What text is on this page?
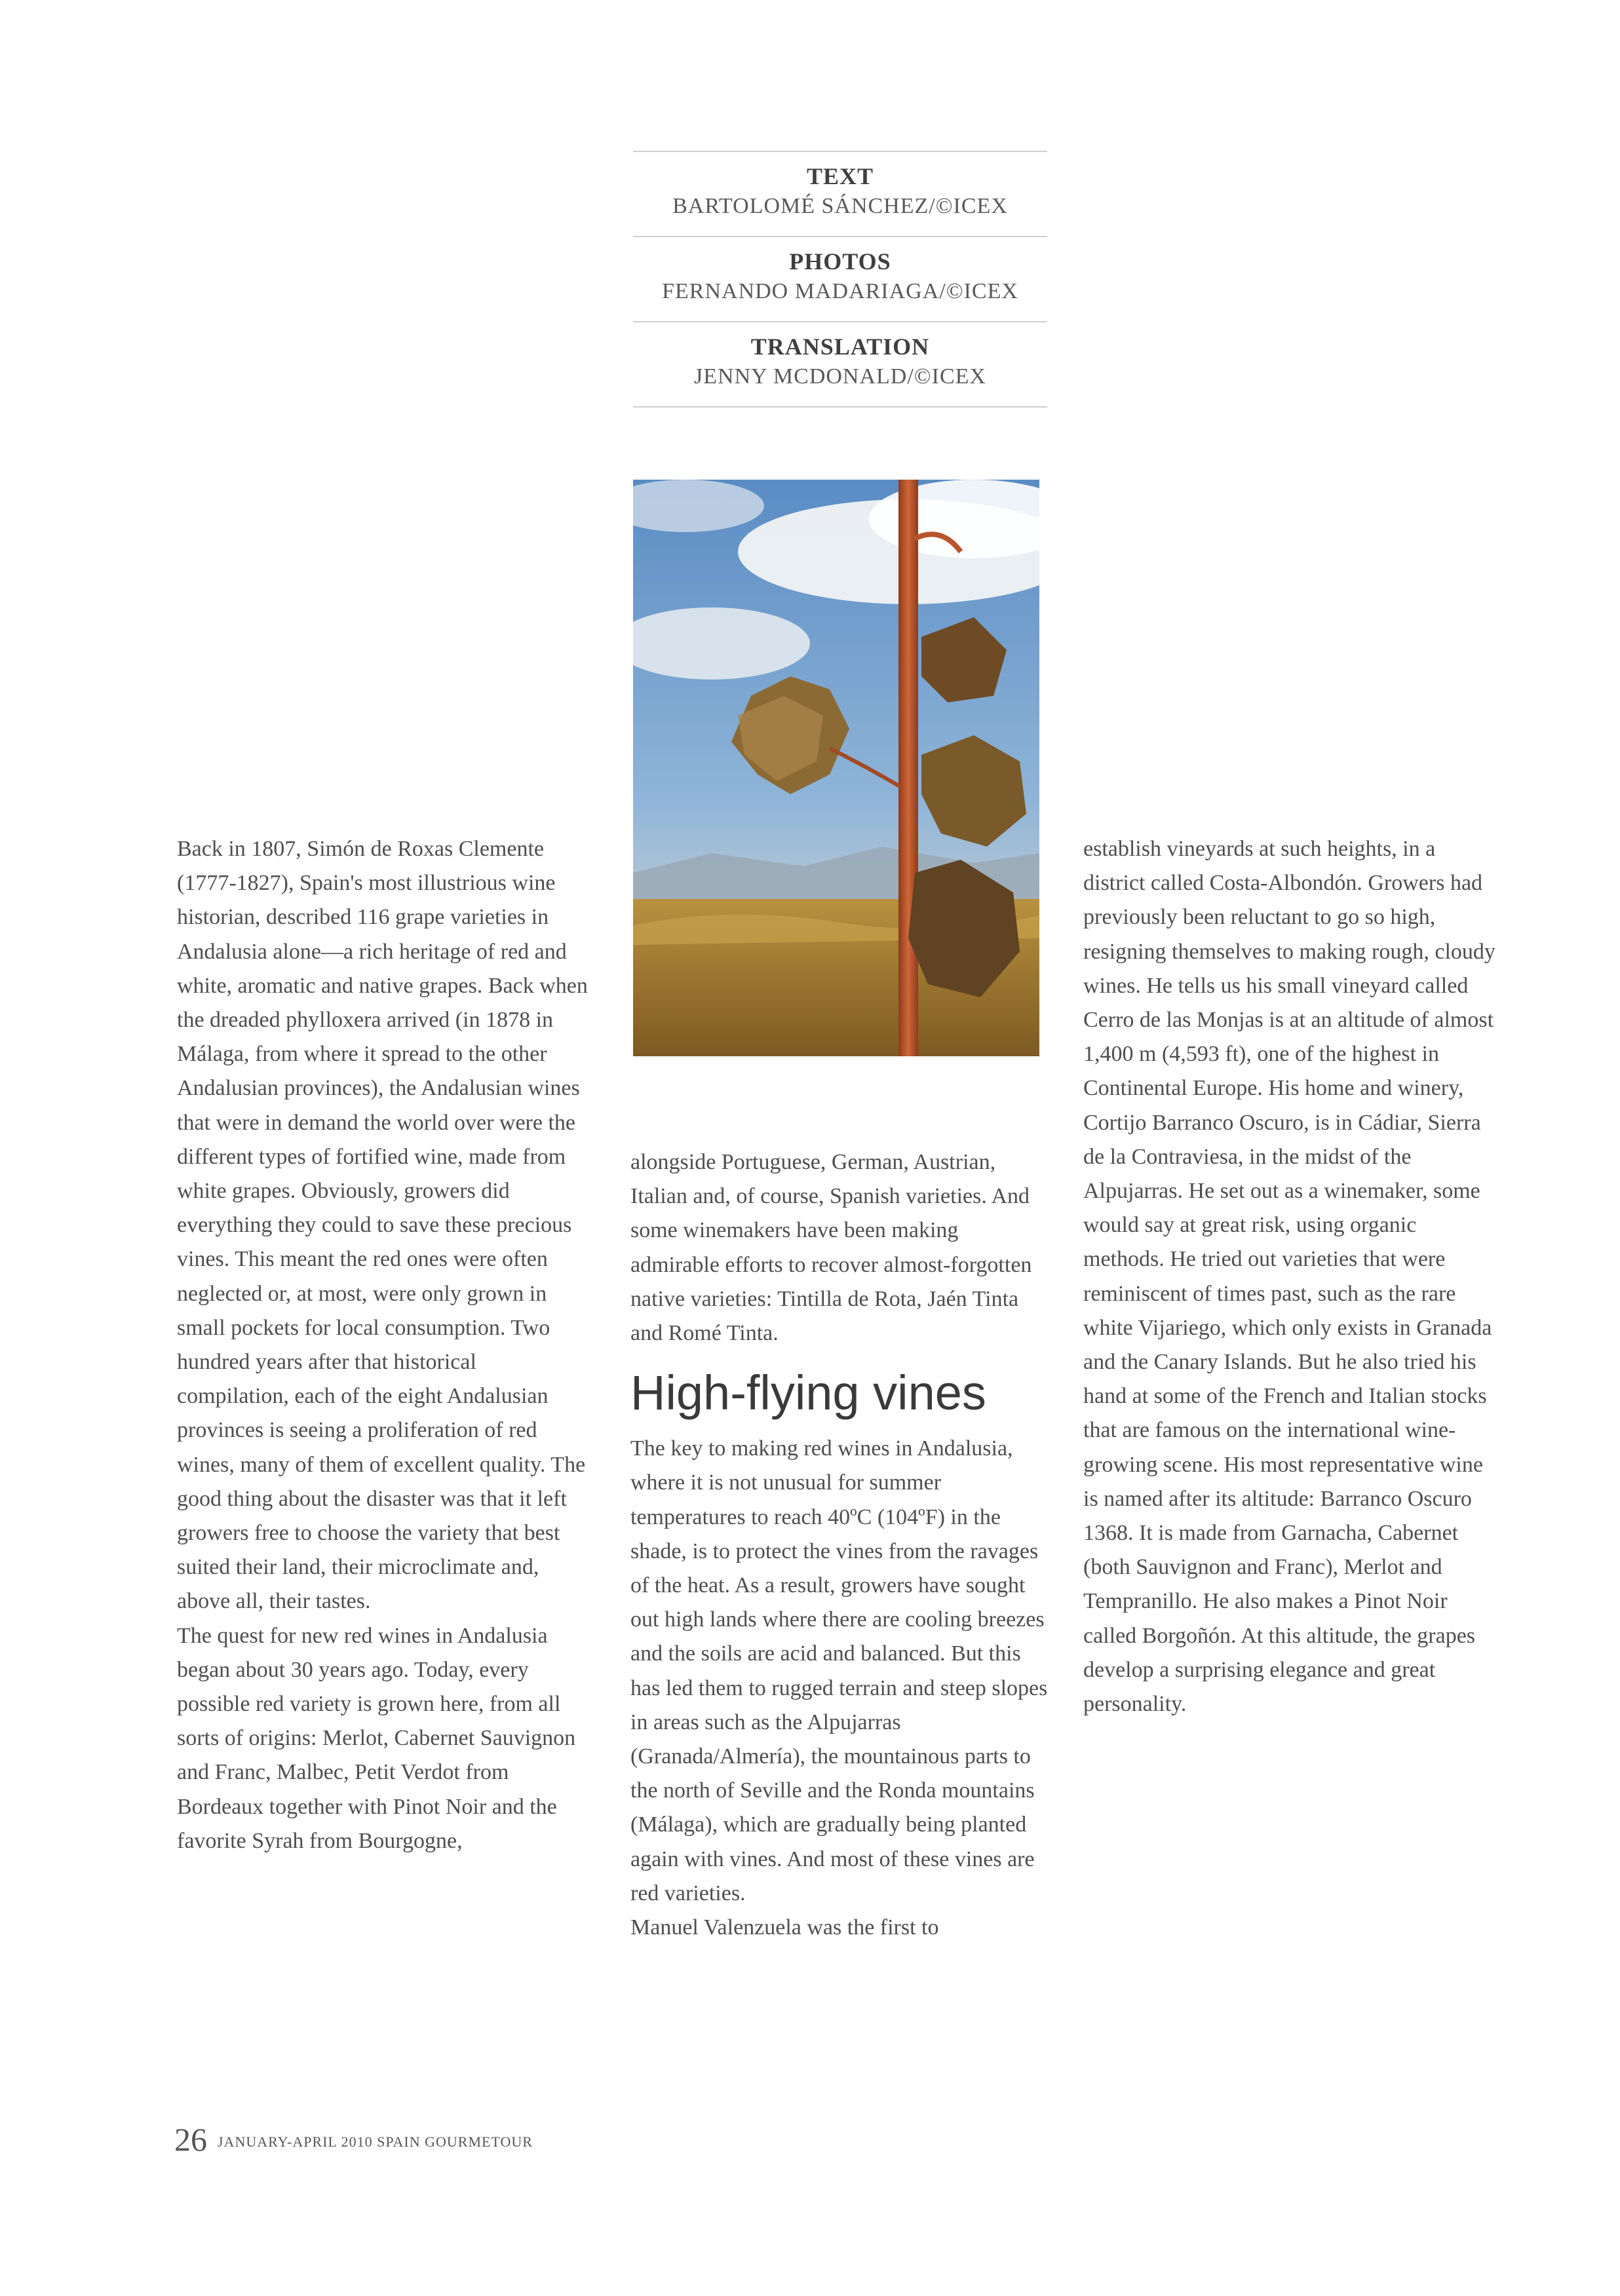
TEXT
BARTOLOMÉ SÁNCHEZ/©ICEX
PHOTOS
FERNANDO MADARIAGA/©ICEX
TRANSLATION
JENNY MCDONALD/©ICEX

Back in 1807, Simón de Roxas Clemente (1777-1827), Spain's most illustrious wine historian, described 116 grape varieties in Andalusia alone—a rich heritage of red and white, aromatic and native grapes. Back when the dreaded phylloxera arrived (in 1878 in Málaga, from where it spread to the other Andalusian provinces), the Andalusian wines that were in demand the world over were the different types of fortified wine, made from white grapes. Obviously, growers did everything they could to save these precious vines. This meant the red ones were often neglected or, at most, were only grown in small pockets for local consumption. Two hundred years after that historical compilation, each of the eight Andalusian provinces is seeing a proliferation of red wines, many of them of excellent quality. The good thing about the disaster was that it left growers free to choose the variety that best suited their land, their microclimate and, above all, their tastes.

The quest for new red wines in Andalusia began about 30 years ago. Today, every possible red variety is grown here, from all sorts of origins: Merlot, Cabernet Sauvignon and Franc, Malbec, Petit Verdot from Bordeaux together with Pinot Noir and the favorite Syrah from Bourgogne,

alongside Portuguese, German, Austrian, Italian and, of course, Spanish varieties. And some winemakers have been making admirable efforts to recover almost-forgotten native varieties: Tintilla de Rota, Jaén Tinta and Romé Tinta.

High-flying vines

The key to making red wines in Andalusia, where it is not unusual for summer temperatures to reach 40ºC (104ºF) in the shade, is to protect the vines from the ravages of the heat. As a result, growers have sought out high lands where there are cooling breezes and the soils are acid and balanced. But this has led them to rugged terrain and steep slopes in areas such as the Alpujarras (Granada/Almería), the mountainous parts to the north of Seville and the Ronda mountains (Málaga), which are gradually being planted again with vines. And most of these vines are red varieties.

Manuel Valenzuela was the first to

establish vineyards at such heights, in a district called Costa-Albondón. Growers had previously been reluctant to go so high, resigning themselves to making rough, cloudy wines. He tells us his small vineyard called Cerro de las Monjas is at an altitude of almost 1,400 m (4,593 ft), one of the highest in Continental Europe. His home and winery, Cortijo Barranco Oscuro, is in Cádiar, Sierra de la Contraviesa, in the midst of the Alpujarras. He set out as a winemaker, some would say at great risk, using organic methods. He tried out varieties that were reminiscent of times past, such as the rare white Vijariego, which only exists in Granada and the Canary Islands. But he also tried his hand at some of the French and Italian stocks that are famous on the international wine-growing scene. His most representative wine is named after its altitude: Barranco Oscuro 1368. It is made from Garnacha, Cabernet (both Sauvignon and Franc), Merlot and Tempranillo. He also makes a Pinot Noir called Borgoñón. At this altitude, the grapes develop a surprising elegance and great personality.

26 JANUARY-APRIL 2010 SPAIN GOURMETOUR
